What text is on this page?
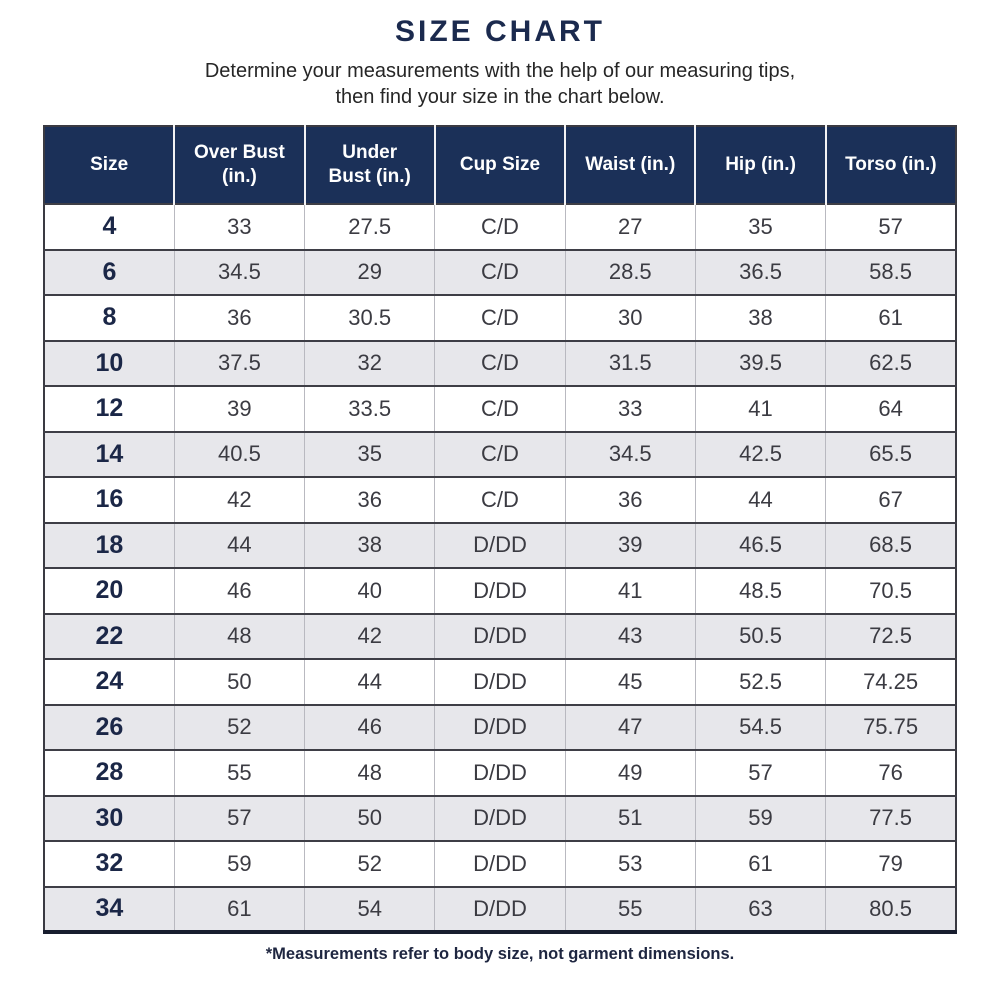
SIZE CHART

Determine your measurements with the help of our measuring tips,
then find your size in the chart below.

Size	Over Bust (in.)	Under Bust (in.)	Cup Size	Waist (in.)	Hip (in.)	Torso (in.)
4	33	27.5	C/D	27	35	57
6	34.5	29	C/D	28.5	36.5	58.5
8	36	30.5	C/D	30	38	61
10	37.5	32	C/D	31.5	39.5	62.5
12	39	33.5	C/D	33	41	64
14	40.5	35	C/D	34.5	42.5	65.5
16	42	36	C/D	36	44	67
18	44	38	D/DD	39	46.5	68.5
20	46	40	D/DD	41	48.5	70.5
22	48	42	D/DD	43	50.5	72.5
24	50	44	D/DD	45	52.5	74.25
26	52	46	D/DD	47	54.5	75.75
28	55	48	D/DD	49	57	76
30	57	50	D/DD	51	59	77.5
32	59	52	D/DD	53	61	79
34	61	54	D/DD	55	63	80.5

*Measurements refer to body size, not garment dimensions.
